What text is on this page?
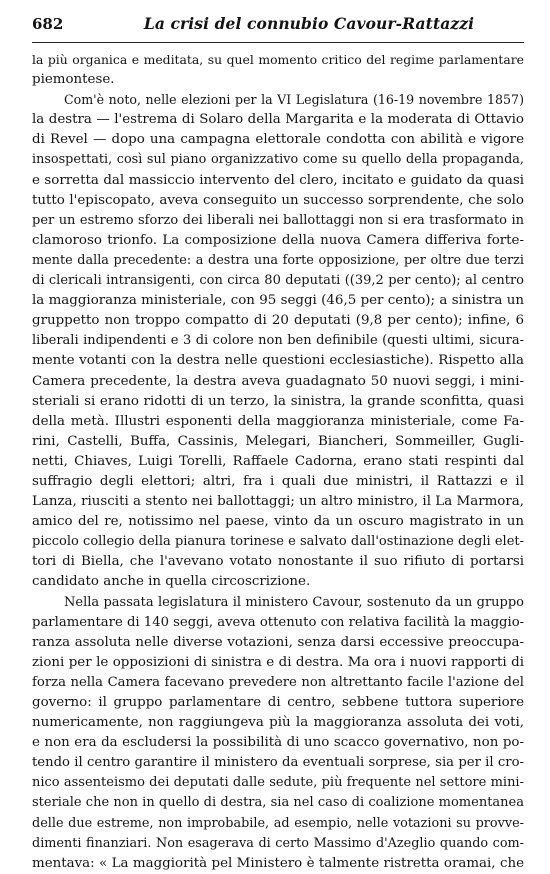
682	La crisi del connubio Cavour-Rattazzi
la più organica e meditata, su quel momento critico del regime parlamentare
piemontese.
Com'è noto, nelle elezioni per la VI Legislatura (16-19 novembre 1857)
la destra — l'estrema di Solaro della Margarita e la moderata di Ottavio
di Revel — dopo una campagna elettorale condotta con abilità e vigore
insospettati, così sul piano organizzativo come su quello della propaganda,
e sorretta dal massiccio intervento del clero, incitato e guidato da quasi
tutto l'episcopato, aveva conseguito un successo sorprendente, che solo
per un estremo sforzo dei liberali nei ballottaggi non si era trasformato in
clamoroso trionfo. La composizione della nuova Camera differiva forte-
mente dalla precedente: a destra una forte opposizione, per oltre due terzi
di clericali intransigenti, con circa 80 deputati ((39,2 per cento); al centro
la maggioranza ministeriale, con 95 seggi (46,5 per cento); a sinistra un
gruppetto non troppo compatto di 20 deputati (9,8 per cento); infine, 6
liberali indipendenti e 3 di colore non ben definibile (questi ultimi, sicura-
mente votanti con la destra nelle questioni ecclesiastiche). Rispetto alla
Camera precedente, la destra aveva guadagnato 50 nuovi seggi, i mini-
steriali si erano ridotti di un terzo, la sinistra, la grande sconfitta, quasi
della metà. Illustri esponenti della maggioranza ministeriale, come Fa-
rini, Castelli, Buffa, Cassinis, Melegari, Biancheri, Sommeiller, Gugli-
netti, Chiaves, Luigi Torelli, Raffaele Cadorna, erano stati respinti dal
suffragio degli elettori; altri, fra i quali due ministri, il Rattazzi e il
Lanza, riusciti a stento nei ballottaggi; un altro ministro, il La Marmora,
amico del re, notissimo nel paese, vinto da un oscuro magistrato in un
piccolo collegio della pianura torinese e salvato dall'ostinazione degli elet-
tori di Biella, che l'avevano votato nonostante il suo rifiuto di portarsi
candidato anche in quella circoscrizione.
Nella passata legislatura il ministero Cavour, sostenuto da un gruppo
parlamentare di 140 seggi, aveva ottenuto con relativa facilità la maggio-
ranza assoluta nelle diverse votazioni, senza darsi eccessive preoccupa-
zioni per le opposizioni di sinistra e di destra. Ma ora i nuovi rapporti di
forza nella Camera facevano prevedere non altrettanto facile l'azione del
governo: il gruppo parlamentare di centro, sebbene tuttora superiore
numericamente, non raggiungeva più la maggioranza assoluta dei voti,
e non era da escludersi la possibilità di uno scacco governativo, non po-
tendo il centro garantire il ministero da eventuali sorprese, sia per il cro-
nico assenteismo dei deputati dalle sedute, più frequente nel settore mini-
steriale che non in quello di destra, sia nel caso di coalizione momentanea
delle due estreme, non improbabile, ad esempio, nelle votazioni su provve-
dimenti finanziari. Non esagerava di certo Massimo d'Azeglio quando com-
mentava: « La maggiorità pel Ministero è talmente ristretta oramai, che
